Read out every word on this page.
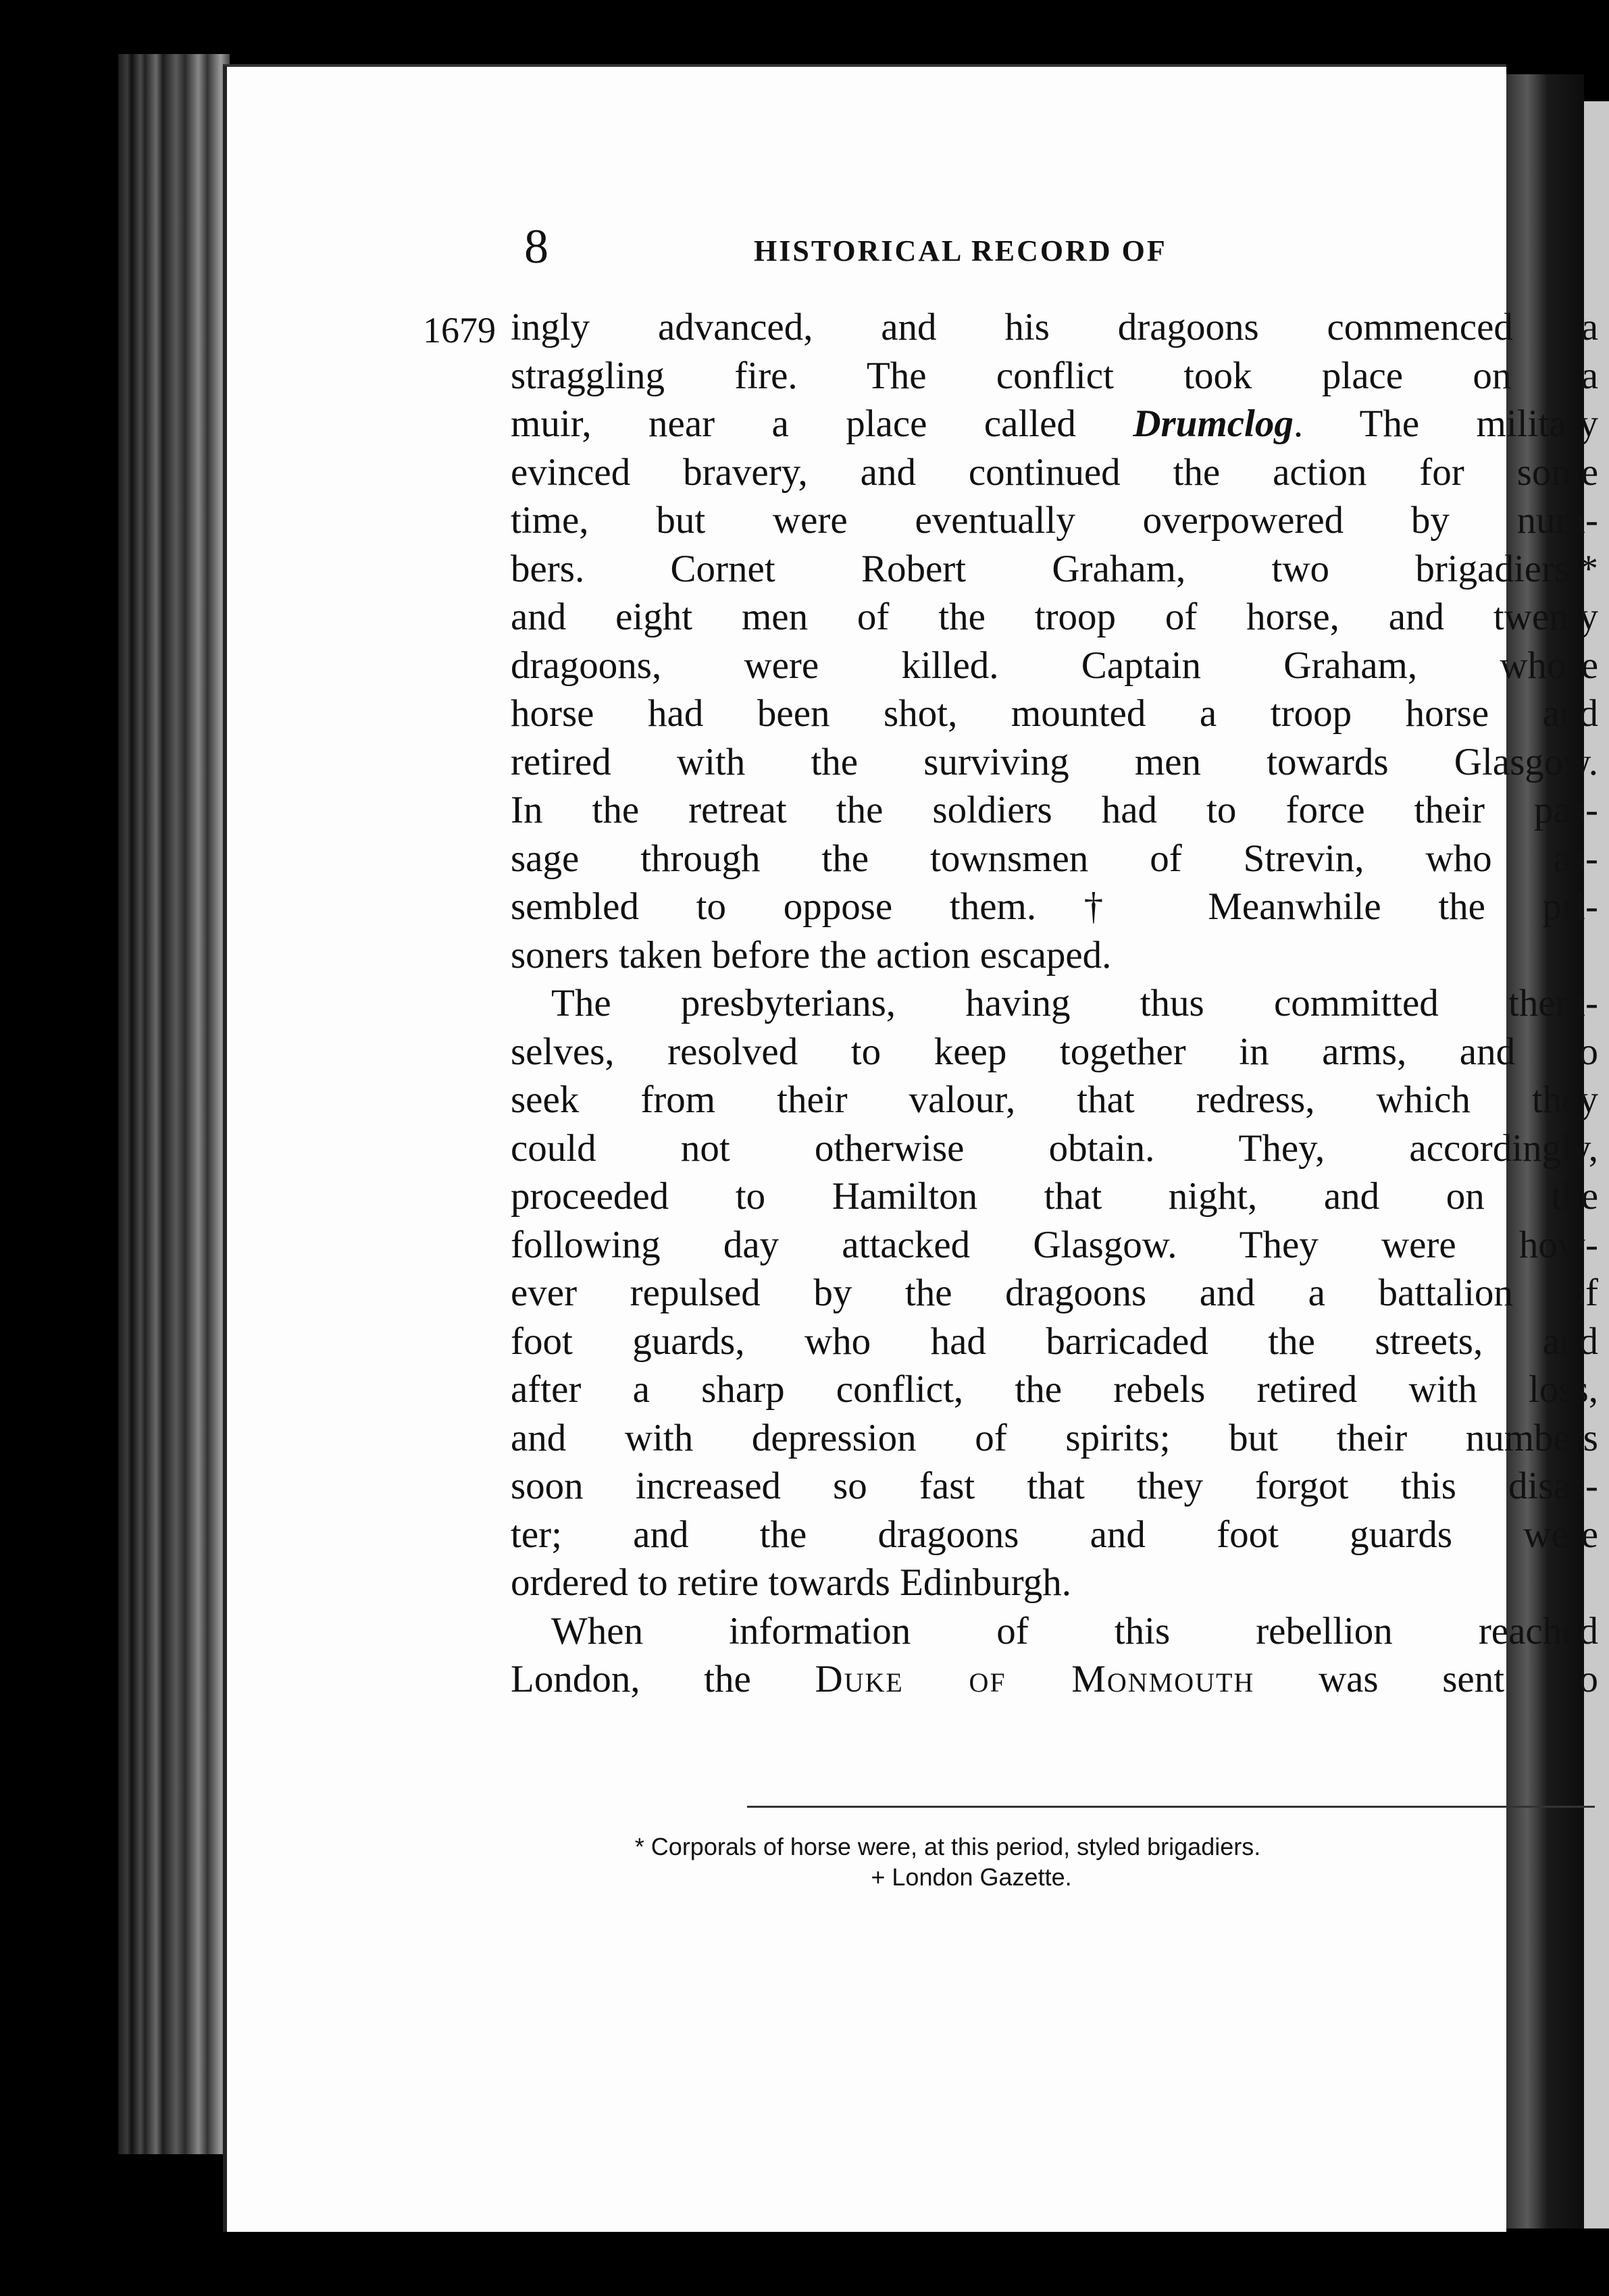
8	HISTORICAL RECORD OF
1679 ingly advanced, and his dragoons commenced a
straggling fire. The conflict took place on a
muir, near a place called Drumclog. The military
evinced bravery, and continued the action for some
time, but were eventually overpowered by num-
bers. Cornet Robert Graham, two brigadiers,*
and eight men of the troop of horse, and twenty
dragoons, were killed. Captain Graham, whose
horse had been shot, mounted a troop horse and
retired with the surviving men towards Glasgow.
In the retreat the soldiers had to force their pas-
sage through the townsmen of Strevin, who as-
sembled to oppose them.† Meanwhile the pri-
soners taken before the action escaped.
The presbyterians, having thus committed them-
selves, resolved to keep together in arms, and to
seek from their valour, that redress, which they
could not otherwise obtain. They, accordingly,
proceeded to Hamilton that night, and on the
following day attacked Glasgow. They were how-
ever repulsed by the dragoons and a battalion of
foot guards, who had barricaded the streets, and
after a sharp conflict, the rebels retired with loss,
and with depression of spirits; but their numbers
soon increased so fast that they forgot this disas-
ter; and the dragoons and foot guards were
ordered to retire towards Edinburgh.
When information of this rebellion reached
London, the Duke of Monmouth was sent to
* Corporals of horse were, at this period, styled brigadiers.
+ London Gazette.
